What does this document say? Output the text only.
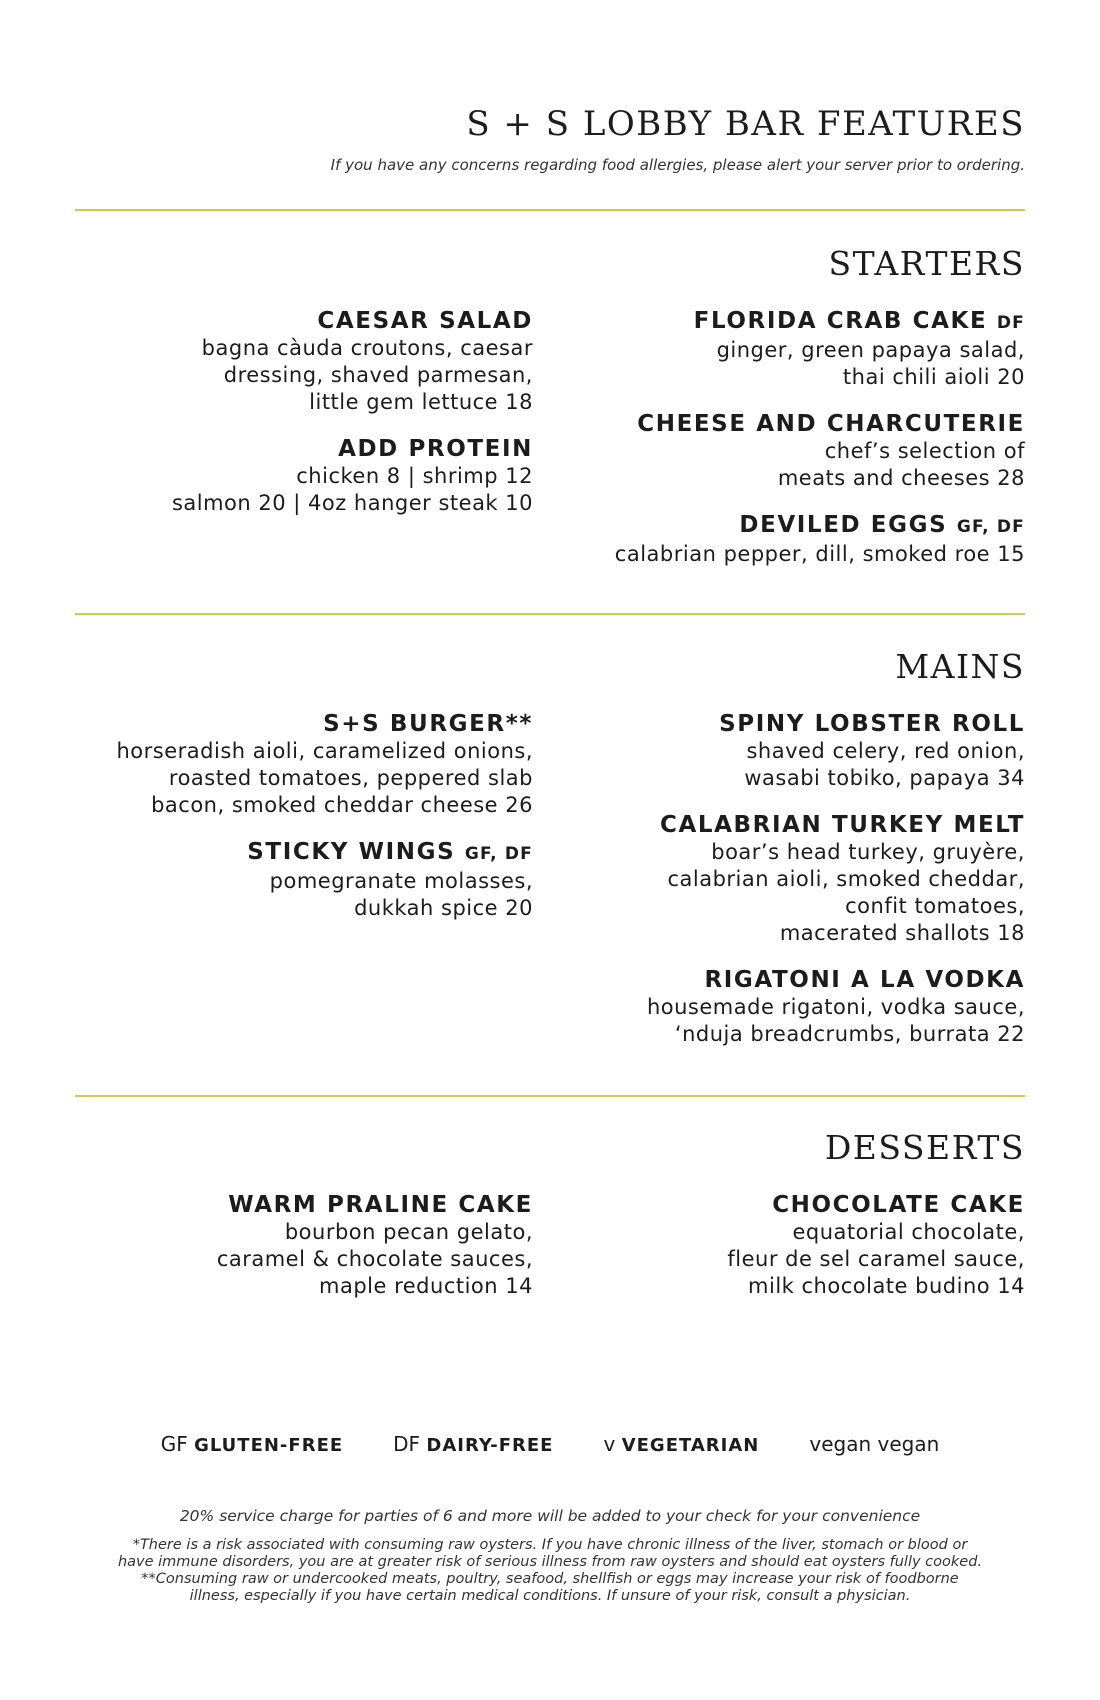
S + S LOBBY BAR FEATURES
If you have any concerns regarding food allergies, please alert your server prior to ordering.
STARTERS
CAESAR SALAD
bagna càuda croutons, caesar
dressing, shaved parmesan,
little gem lettuce 18
ADD PROTEIN
chicken 8 | shrimp 12
salmon 20 | 4oz hanger steak 10
FLORIDA CRAB CAKE DF
ginger, green papaya salad,
thai chili aioli 20
CHEESE AND CHARCUTERIE
chef’s selection of
meats and cheeses 28
DEVILED EGGS GF, DF
calabrian pepper, dill, smoked roe 15
MAINS
S+S BURGER**
horseradish aioli, caramelized onions,
roasted tomatoes, peppered slab
bacon, smoked cheddar cheese 26
STICKY WINGS GF, DF
pomegranate molasses,
dukkah spice 20
SPINY LOBSTER ROLL
shaved celery, red onion,
wasabi tobiko, papaya 34
CALABRIAN TURKEY MELT
boar’s head turkey, gruyère,
calabrian aioli, smoked cheddar,
confit tomatoes,
macerated shallots 18
RIGATONI A LA VODKA
housemade rigatoni, vodka sauce,
‘nduja breadcrumbs, burrata 22
DESSERTS
WARM PRALINE CAKE
bourbon pecan gelato,
caramel & chocolate sauces,
maple reduction 14
CHOCOLATE CAKE
equatorial chocolate,
fleur de sel caramel sauce,
milk chocolate budino 14
GF GLUTEN-FREE	DF DAIRY-FREE	v VEGETARIAN	vegan vegan
20% service charge for parties of 6 and more will be added to your check for your convenience
*There is a risk associated with consuming raw oysters. If you have chronic illness of the liver, stomach or blood or
have immune disorders, you are at greater risk of serious illness from raw oysters and should eat oysters fully cooked.
**Consuming raw or undercooked meats, poultry, seafood, shellfish or eggs may increase your risk of foodborne
illness, especially if you have certain medical conditions. If unsure of your risk, consult a physician.
